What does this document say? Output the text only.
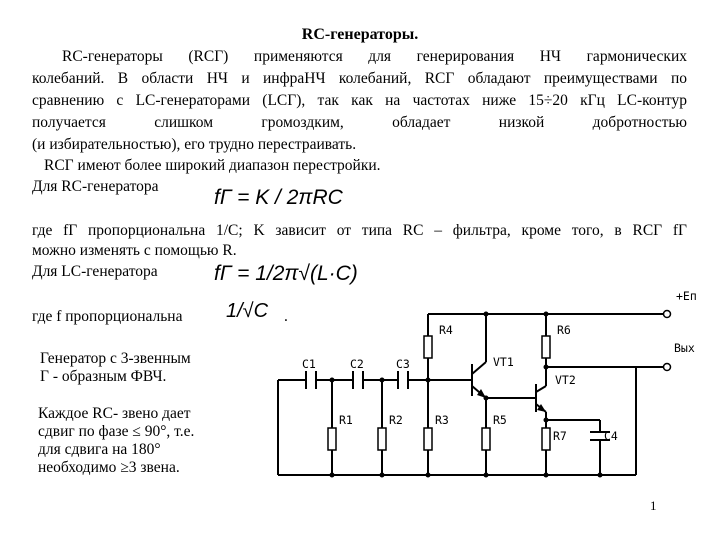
RC-генераторы.
RC-генераторы (RCГ) применяются для генерирования НЧ гармонических
колебаний. В области НЧ и инфраНЧ колебаний, RCГ обладают преимуществами по
сравнению с LC-генераторами (LCГ), так как на частотах ниже 15÷20 кГц LC-контур
получается слишком громоздким, обладает низкой добротностью
(и избирательностью), его трудно перестраивать.
RCГ имеют более широкий диапазон перестройки.
Для RC-генератора	fГ = K / 2πRC
где fГ пропорциональна 1/C; K зависит от типа RC – фильтра, кроме того, в RCГ fГ
можно изменять с помощью R.
Для LC-генератора	fГ = 1/2π√(L·C)
где f пропорциональна 1/√C .
Генератор с 3-звенным
Г - образным ФВЧ.
Каждое RC- звено дает
сдвиг по фазе ≤ 90°, т.е.
для сдвига на 180°
необходимо ≥3 звена.
C1	C2	C3
R1	R2	R3
R4
R5
R6
R7	C4
VT1
VT2
+Eп
Вых
1
